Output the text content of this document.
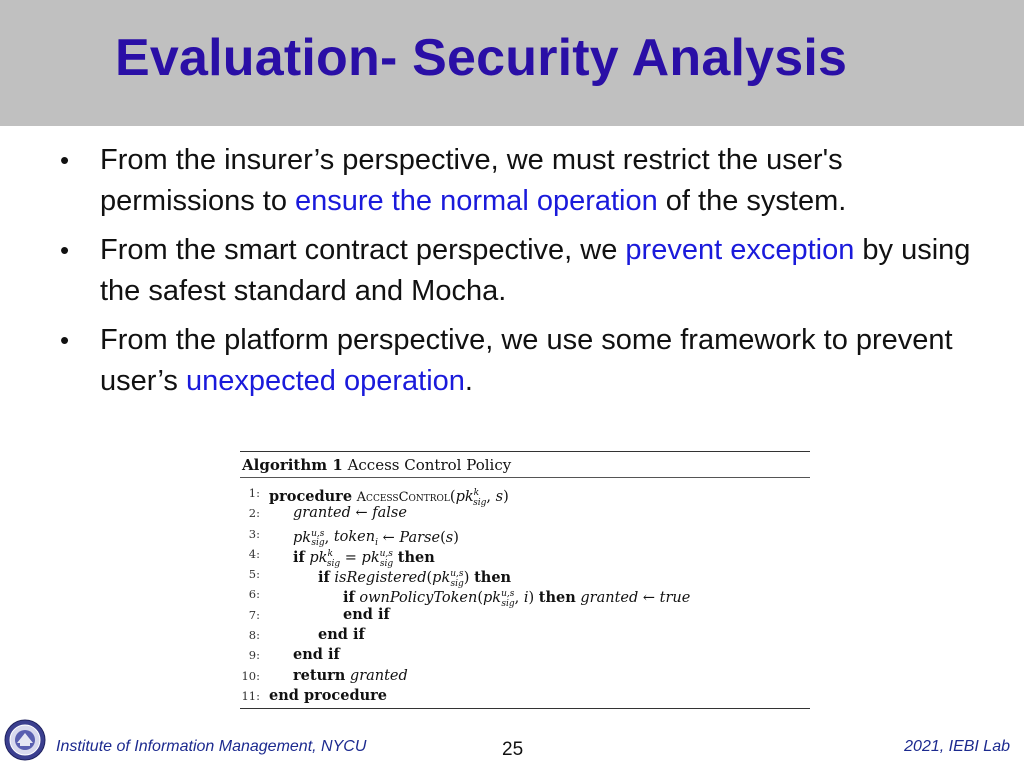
Evaluation- Security Analysis
• From the insurer’s perspective, we must restrict the user's permissions to ensure the normal operation of the system.
• From the smart contract perspective, we prevent exception by using the safest standard and Mocha.
• From the platform perspective, we use some framework to prevent user’s unexpected operation.
Algorithm 1 Access Control Policy
1: procedure $AccessControl(pk^k_{sig}$, s)
2: granted ← false
3: pk$^{u,s}_{sig}$, token$_i$ ← Parse(s)
4: if $pk^k_{sig} = pk^{u,s}_{sig}$ then
5:	if isRegistered(pk$^{u,s}_{sig}$) then
6:	if ownPolicyToken(pk$^{u,s}_{sig}$, i) then granted ← true
7:	end if
8:	end if
9: end if
10: return granted
11: end procedure
Institute of Information Management, NYCU	25	2021, IEBI Lab
